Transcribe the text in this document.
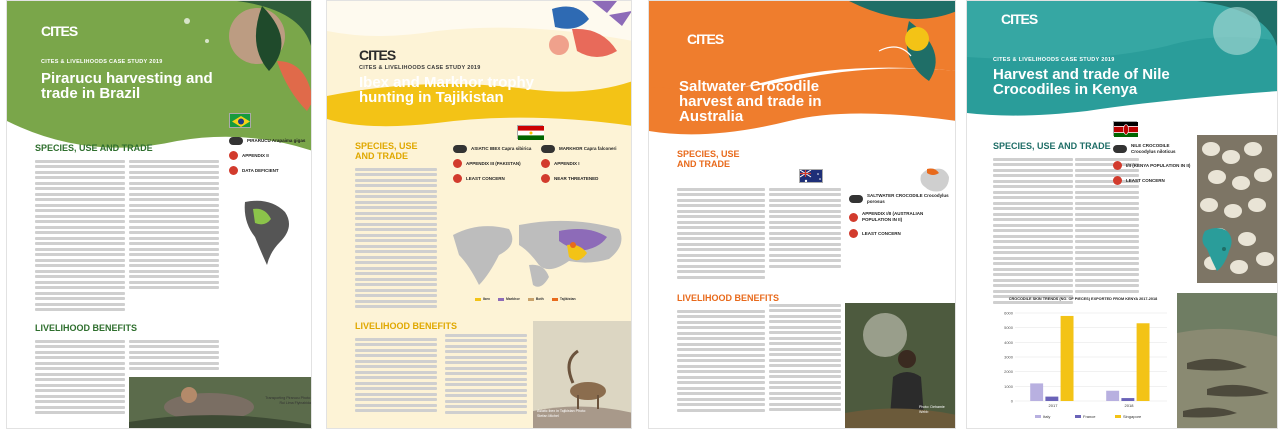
CITES
CITES & LIVELIHOODS CASE STUDY 2019
Pirarucu harvesting and trade in Brazil
SPECIES, USE AND TRADE
PIRARUCU Arapaima gigas
APPENDIX II
DATA DEFICIENT
LIVELIHOOD BENEFITS
Transporting Pirarucu Photo: Rui Lima Flyinabida
CITES
CITES & LIVELIHOODS CASE STUDY 2019
Ibex and Markhor trophy hunting in Tajikistan
SPECIES, USE AND TRADE
ASIATIC IBEX Capra sibirica
APPENDIX III (PAKISTAN)
LEAST CONCERN
MARKHOR Capra falconeri
APPENDIX I
NEAR THREATENED
Ibex	Markhor	Both	Tajikistan
LIVELIHOOD BENEFITS
Asiatic ibex in Tajikistan Photo: Stefan Michel
CITES
Saltwater Crocodile harvest and trade in Australia
SPECIES, USE AND TRADE
SALTWATER CROCODILE Crocodylus porosus
APPENDIX I/II (AUSTRALIAN POPULATION IN II)
LEAST CONCERN
LIVELIHOOD BENEFITS
Photo: Dehamie Webb
CITES
CITES & LIVELIHOODS CASE STUDY 2019
Harvest and trade of Nile Crocodiles in Kenya
SPECIES, USE AND TRADE	NILE CROCODILE Crocodylus niloticus
I/II (KENYA POPULATION IN II)
LEAST CONCERN
CROCODILE SKIN TRENDS (NO. OF PIECES) EXPORTED FROM KENYA 2017-2018
0
1000
2000
3000
4000
5000
6000
2017	2018
Italy	France	Singapore
